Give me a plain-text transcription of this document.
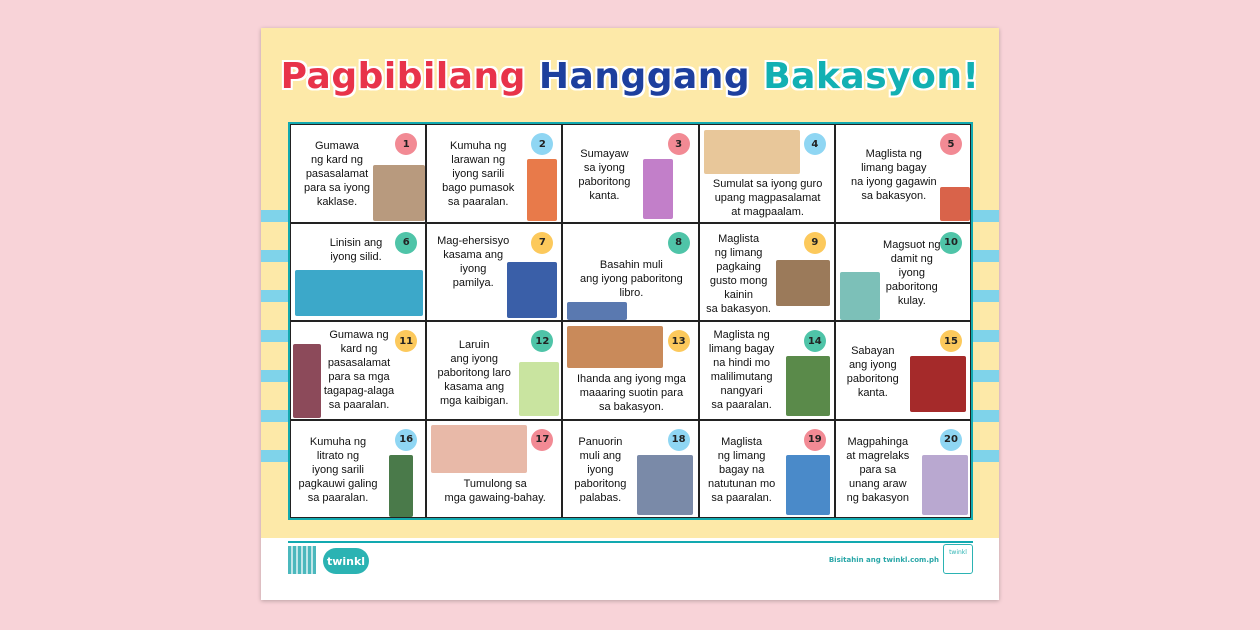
Pagbibilang Hanggang Bakasyon!
Gumawa
ng kard ng
pasasalamat
para sa iyong
kaklase.
1	Kumuha ng
larawan ng
iyong sarili
bago pumasok
sa paaralan.
2
Sumayaw
sa iyong
paboritong
kanta.
3
Sumulat sa iyong guro
upang magpasalamat
at magpaalam.
4
Maglista ng
limang bagay
na iyong gagawin
sa bakasyon.
5
Linisin ang
iyong silid.
6	Mag-ehersisyo
kasama ang
iyong
pamilya.
7
Basahin muli
ang iyong paboritong
libro.
8	Maglista
ng limang
pagkaing
gusto mong
kainin
sa bakasyon.
9	Magsuot ng
damit ng
iyong
paboritong
kulay.
10
Gumawa ng
kard ng
pasasalamat
para sa mga
tagapag-alaga
sa paaralan.
11	Laruin
ang iyong
paboritong laro
kasama ang
mga kaibigan.
12
Ihanda ang iyong mga
maaaring suotin para
sa bakasyon.
13	Maglista ng
limang bagay
na hindi mo
malilimutang
nangyari
sa paaralan.
14
Sabayan
ang iyong
paboritong
kanta.
15
Kumuha ng
litrato ng
iyong sarili
pagkauwi galing
sa paaralan.
16
Tumulong sa
mga gawaing-bahay.
17	Panuorin
muli ang
iyong
paboritong
palabas.
18	Maglista
ng limang
bagay na
natutunan mo
sa paaralan.
19	Magpahinga
at magrelaks
para sa
unang araw
ng bakasyon
20
twinkl	Bisitahin ang twinkl.com.ph
twinkl
